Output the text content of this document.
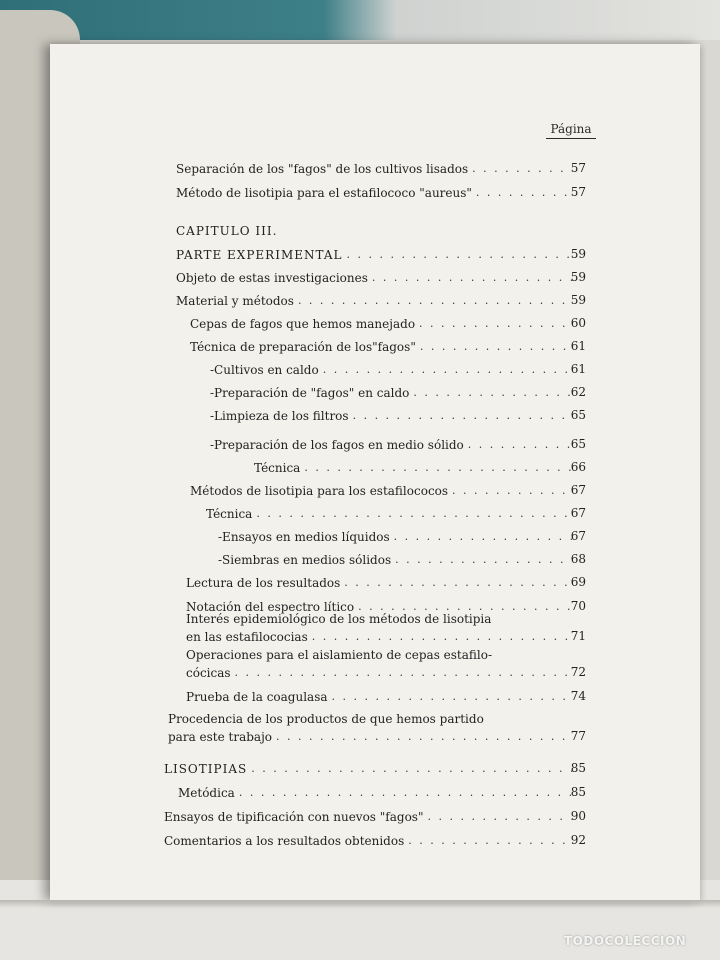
Página
Separación de los "fagos" de los cultivos lisados . . .	57
Método de lisotipia para el estafilococo "aureus" . . .	57
CAPITULO III.
PARTE EXPERIMENTAL . . .	59
Objeto de estas investigaciones . . .	59
Material y métodos . . .	59
Cepas de fagos que hemos manejado . . .	60
Técnica de preparación de los"fagos" . . .	61
-Cultivos en caldo . . .	61
-Preparación de "fagos" en caldo . . .	62
-Limpieza de los filtros . . .	65
-Preparación de los fagos en medio sólido . . .	65
Técnica . . .	66
Métodos de lisotipia para los estafilococos . . .	67
Técnica . . .	67
-Ensayos en medios líquidos . . .	67
-Siembras en medios sólidos . . .	68
Lectura de los resultados . . .	69
Notación del espectro lítico . . .	70
Interés epidemiológico de los métodos de lisotipia
en las estafilococias . . .	71
Operaciones para el aislamiento de cepas estafilo-
cócicas . . .	72
Prueba de la coagulasa . . .	74
Procedencia de los productos de que hemos partido
para este trabajo . . .	77
LISOTIPIAS . . .	85
Metódica . . .	85
Ensayos de tipificación con nuevos "fagos" . . .	90
Comentarios a los resultados obtenidos . . .	92
TODOCOLECCION
